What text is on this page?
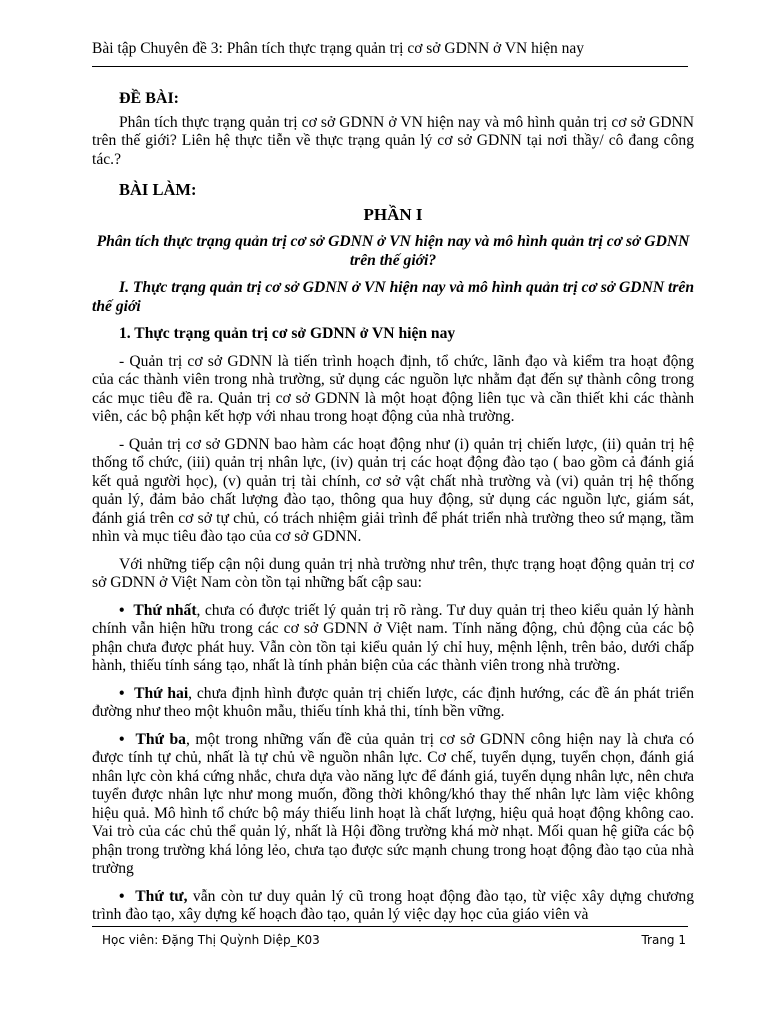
Bài tập Chuyên đề 3: Phân tích thực trạng quản trị cơ sở GDNN ở VN hiện nay

ĐỀ BÀI:

Phân tích thực trạng quản trị cơ sở GDNN ở VN hiện nay và mô hình quản trị cơ sở GDNN trên thế giới? Liên hệ thực tiễn về thực trạng quản lý cơ sở GDNN tại nơi thầy/ cô đang công tác.?

BÀI LÀM:

PHẦN I

Phân tích thực trạng quản trị cơ sở GDNN ở VN hiện nay và mô hình quản trị cơ sở GDNN trên thế giới?

I. Thực trạng quản trị cơ sở GDNN ở VN hiện nay và mô hình quản trị cơ sở GDNN trên thế giới

1. Thực trạng quản trị cơ sở GDNN ở VN hiện nay

- Quản trị cơ sở GDNN là tiến trình hoạch định, tổ chức, lãnh đạo và kiểm tra hoạt động của các thành viên trong nhà trường, sử dụng các nguồn lực nhằm đạt đến sự thành công trong các mục tiêu đề ra. Quản trị cơ sở GDNN là một hoạt động liên tục và cần thiết khi các thành viên, các bộ phận kết hợp với nhau trong hoạt động của nhà trường.

- Quản trị cơ sở GDNN bao hàm các hoạt động như (i) quản trị chiến lược, (ii) quản trị hệ thống tổ chức, (iii) quản trị nhân lực, (iv) quản trị các hoạt động đào tạo ( bao gồm cả đánh giá kết quả người học), (v) quản trị tài chính, cơ sở vật chất nhà trường và (vi) quản trị hệ thống quản lý, đảm bảo chất lượng đào tạo, thông qua huy động, sử dụng các nguồn lực, giám sát, đánh giá trên cơ sở tự chủ, có trách nhiệm giải trình để phát triển nhà trường theo sứ mạng, tầm nhìn và mục tiêu đào tạo của cơ sở GDNN.

Với những tiếp cận nội dung quản trị nhà trường như trên, thực trạng hoạt động quản trị cơ sở GDNN ở Việt Nam còn tồn tại những bất cập sau:

• Thứ nhất, chưa có được triết lý quản trị rõ ràng. Tư duy quản trị theo kiểu quản lý hành chính vẫn hiện hữu trong các cơ sở GDNN ở Việt nam. Tính năng động, chủ động của các bộ phận chưa được phát huy. Vẫn còn tồn tại kiểu quản lý chỉ huy, mệnh lệnh, trên bảo, dưới chấp hành, thiếu tính sáng tạo, nhất là tính phản biện của các thành viên trong nhà trường.

• Thứ hai, chưa định hình được quản trị chiến lược, các định hướng, các đề án phát triển đường như theo một khuôn mẫu, thiếu tính khả thi, tính bền vững.

• Thứ ba, một trong những vấn đề của quản trị cơ sở GDNN công hiện nay là chưa có được tính tự chủ, nhất là tự chủ về nguồn nhân lực. Cơ chế, tuyển dụng, tuyển chọn, đánh giá nhân lực còn khá cứng nhắc, chưa dựa vào năng lực để đánh giá, tuyển dụng nhân lực, nên chưa tuyển được nhân lực như mong muốn, đồng thời không/khó thay thế nhân lực làm việc không hiệu quả. Mô hình tổ chức bộ máy thiếu linh hoạt là chất lượng, hiệu quả hoạt động không cao. Vai trò của các chủ thể quản lý, nhất là Hội đồng trường khá mờ nhạt. Mối quan hệ giữa các bộ phận trong trường khá lỏng lẻo, chưa tạo được sức mạnh chung trong hoạt động đào tạo của nhà trường

• Thứ tư, vẫn còn tư duy quản lý cũ trong hoạt động đào tạo, từ việc xây dựng chương trình đào tạo, xây dựng kế hoạch đào tạo, quản lý việc dạy học của giáo viên và

Học viên: Đặng Thị Quỳnh Diệp_K03	Trang 1
